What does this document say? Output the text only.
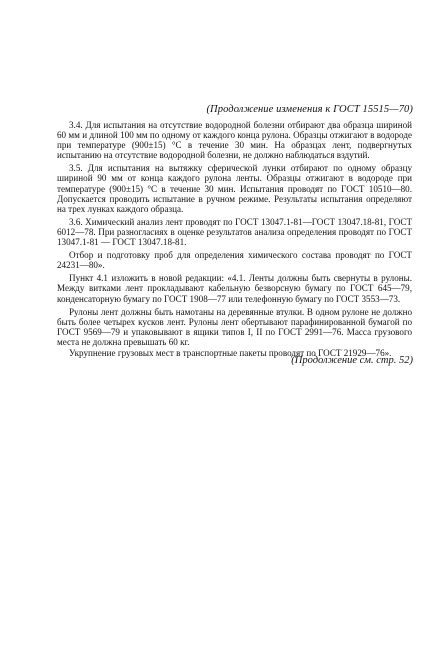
(Продолжение изменения к ГОСТ 15515—70)

3.4. Для испытания на отсутствие водородной болезни отбирают два образца шириной 60 мм и длиной 100 мм по одному от каждого конца рулона. Образцы отжигают в водороде при температуре (900±15) °С в течение 30 мин. На образцах лент, подвергнутых испытанию на отсутствие водородной болезни, не должно наблюдаться вздутий.

3.5. Для испытания на вытяжку сферической лунки отбирают по одному образцу шириной 90 мм от конца каждого рулона ленты. Образцы отжигают в водороде при температуре (900±15) °С в течение 30 мин. Испытания проводят по ГОСТ 10510—80. Допускается проводить испытание в ручном режиме. Результаты испытания определяют на трех лунках каждого образца.

3.6. Химический анализ лент проводят по ГОСТ 13047.1-81—ГОСТ 13047.18-81, ГОСТ 6012—78. При разногласиях в оценке результатов анализа определения проводят по ГОСТ 13047.1-81 — ГОСТ 13047.18-81.

Отбор и подготовку проб для определения химического состава проводят по ГОСТ 24231—80».

Пункт 4.1 изложить в новой редакции: «4.1. Ленты должны быть свернуты в рулоны. Между витками лент прокладывают кабельную безворсную бумагу по ГОСТ 645—79, конденсаторную бумагу по ГОСТ 1908—77 или телефонную бумагу по ГОСТ 3553—73.

Рулоны лент должны быть намотаны на деревянные втулки. В одном рулоне не должно быть более четырех кусков лент. Рулоны лент обертывают парафинированной бумагой по ГОСТ 9569—79 и упаковывают в ящики типов I, II по ГОСТ 2991—76. Масса грузового места не должна превышать 60 кг.

Укрупнение грузовых мест в транспортные пакеты проводят по ГОСТ 21929—76».

(Продолжение см. стр. 52)
